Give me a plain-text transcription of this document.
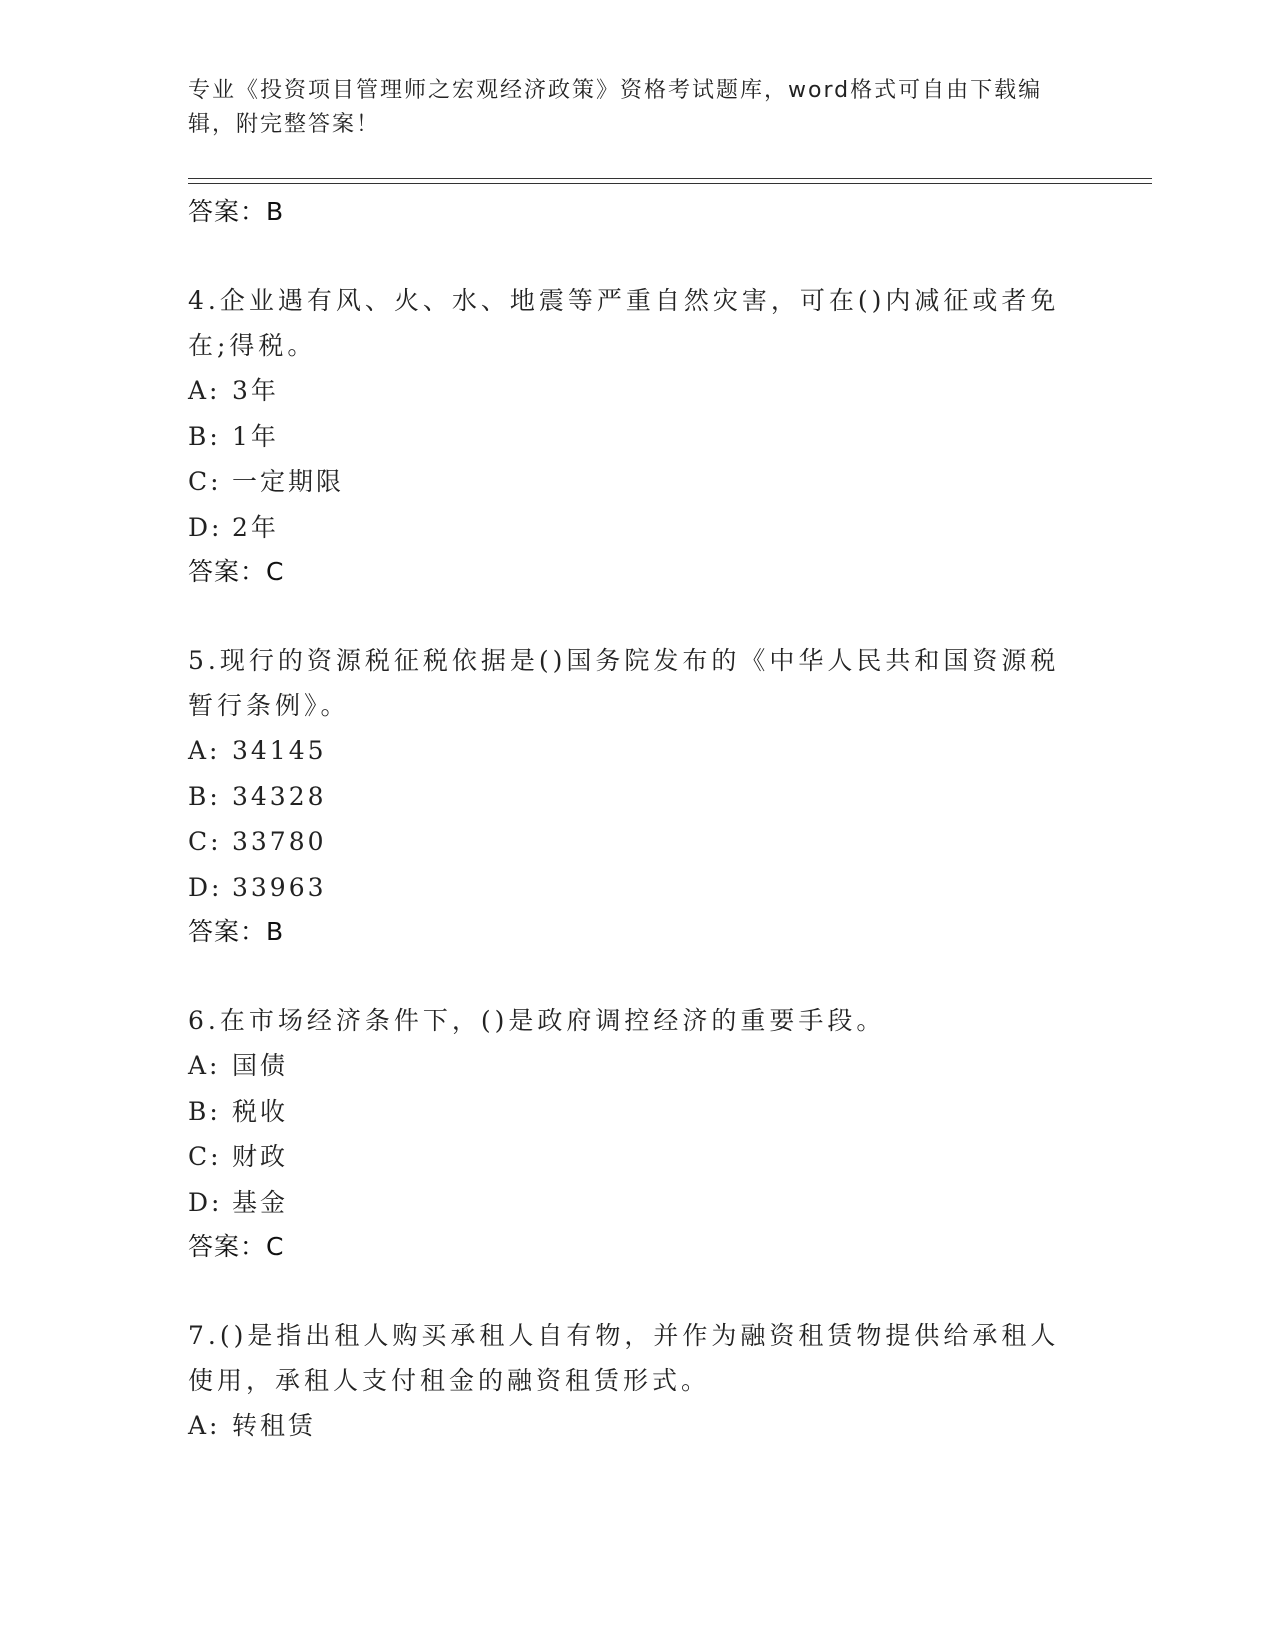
专业《投资项目管理师之宏观经济政策》资格考试题库，word格式可自由下载编辑，附完整答案！

答案：B

4.企业遇有风、火、水、地震等严重自然灾害，可在()内减征或者免在;得税。

A: 3年

B: 1年

C: 一定期限

D: 2年

答案：C

5.现行的资源税征税依据是()国务院发布的《中华人民共和国资源税暂行条例》。

A: 34145

B: 34328

C: 33780

D: 33963

答案：B

6.在市场经济条件下，()是政府调控经济的重要手段。

A: 国债

B: 税收

C: 财政

D: 基金

答案：C

7.()是指出租人购买承租人自有物，并作为融资租赁物提供给承租人使用，承租人支付租金的融资租赁形式。

A: 转租赁
